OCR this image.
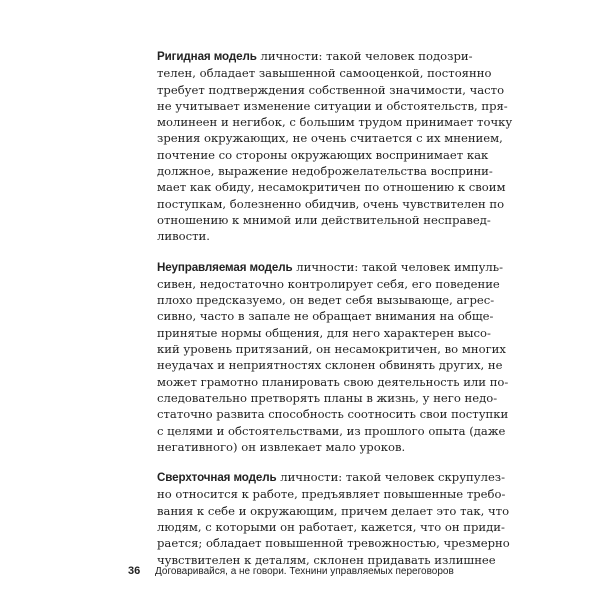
Ригидная модель личности: такой человек подозри-
телен, обладает завышенной самооценкой, постоянно
требует подтверждения собственной значимости, часто
не учитывает изменение ситуации и обстоятельств, пря-
молинеен и негибок, с большим трудом принимает точку
зрения окружающих, не очень считается с их мнением,
почтение со стороны окружающих воспринимает как
должное, выражение недоброжелательства восприни-
мает как обиду, несамокритичен по отношению к своим
поступкам, болезненно обидчив, очень чувствителен по
отношению к мнимой или действительной несправед-
ливости.
Неуправляемая модель личности: такой человек импуль-
сивен, недостаточно контролирует себя, его поведение
плохо предсказуемо, он ведет себя вызывающе, агрес-
сивно, часто в запале не обращает внимания на обще-
принятые нормы общения, для него характерен высо-
кий уровень притязаний, он несамокритичен, во многих
неудачах и неприятностях склонен обвинять других, не
может грамотно планировать свою деятельность или по-
следовательно претворять планы в жизнь, у него недо-
статочно развита способность соотносить свои поступки
с целями и обстоятельствами, из прошлого опыта (даже
негативного) он извлекает мало уроков.
Сверхточная модель личности: такой человек скрупулез-
но относится к работе, предъявляет повышенные требо-
вания к себе и окружающим, причем делает это так, что
людям, с которыми он работает, кажется, что он приди-
рается; обладает повышенной тревожностью, чрезмерно
чувствителен к деталям, склонен придавать излишнее
36 Договаривайся, а не говори. Технини управляемых переговоров
